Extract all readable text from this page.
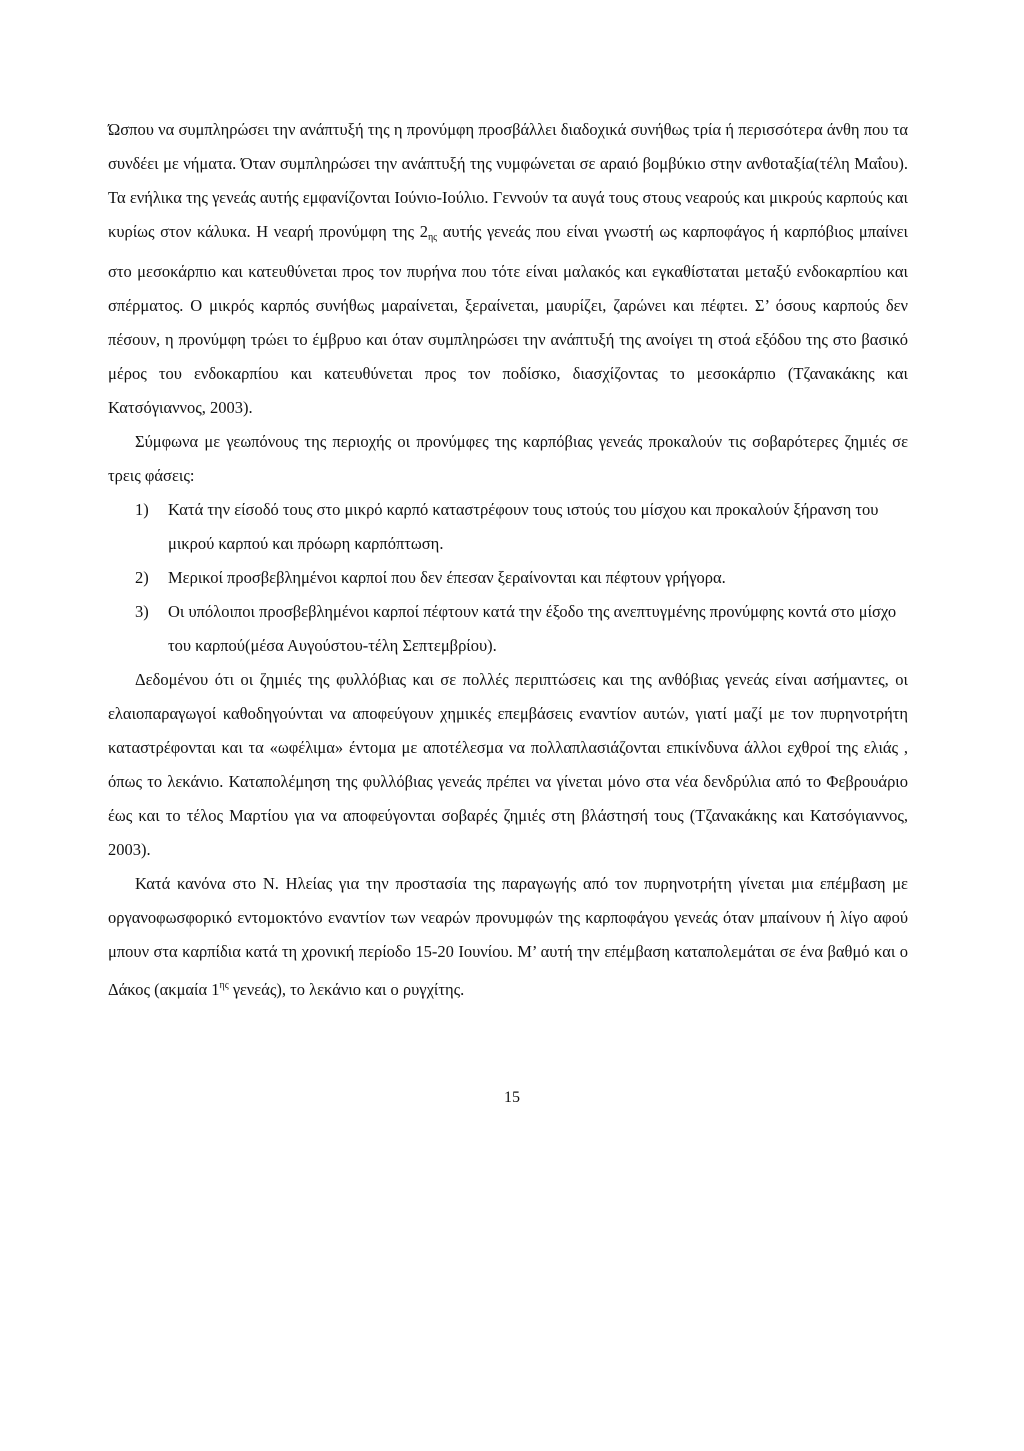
Ώσπου να συμπληρώσει την ανάπτυξή της η προνύμφη προσβάλλει διαδοχικά συνήθως τρία ή περισσότερα άνθη που τα συνδέει με νήματα. Όταν συμπληρώσει την ανάπτυξή της νυμφώνεται σε αραιό βομβύκιο στην ανθοταξία(τέλη Μαΐου). Τα ενήλικα της γενεάς αυτής εμφανίζονται Ιούνιο-Ιούλιο. Γεννούν τα αυγά τους στους νεαρούς και μικρούς καρπούς και κυρίως στον κάλυκα. Η νεαρή προνύμφη της $2_{\eta\varsigma}$ αυτής γενεάς που είναι γνωστή ως καρποφάγος ή καρπόβιος μπαίνει στο μεσοκάρπιο και κατευθύνεται προς τον πυρήνα που τότε είναι μαλακός και εγκαθίσταται μεταξύ ενδοκαρπίου και σπέρματος. Ο μικρός καρπός συνήθως μαραίνεται, ξεραίνεται, μαυρίζει, ζαρώνει και πέφτει. Σ’ όσους καρπούς δεν πέσουν, η προνύμφη τρώει το έμβρυο και όταν συμπληρώσει την ανάπτυξή της ανοίγει τη στοά εξόδου της στο βασικό μέρος του ενδοκαρπίου και κατευθύνεται προς τον ποδίσκο, διασχίζοντας το μεσοκάρπιο (Τζανακάκης και Κατσόγιαννος, 2003).

Σύμφωνα με γεωπόνους της περιοχής οι προνύμφες της καρπόβιας γενεάς προκαλούν τις σοβαρότερες ζημιές σε τρεις φάσεις:

1) Κατά την είσοδό τους στο μικρό καρπό καταστρέφουν τους ιστούς του μίσχου και προκαλούν ξήρανση του μικρού καρπού και πρόωρη καρπόπτωση.
2) Μερικοί προσβεβλημένοι καρποί που δεν έπεσαν ξεραίνονται και πέφτουν γρήγορα.
3) Οι υπόλοιποι προσβεβλημένοι καρποί πέφτουν κατά την έξοδο της ανεπτυγμένης προνύμφης κοντά στο μίσχο του καρπού(μέσα Αυγούστου-τέλη Σεπτεμβρίου).

Δεδομένου ότι οι ζημιές της φυλλόβιας και σε πολλές περιπτώσεις και της ανθόβιας γενεάς είναι ασήμαντες, οι ελαιοπαραγωγοί καθοδηγούνται να αποφεύγουν χημικές επεμβάσεις εναντίον αυτών, γιατί μαζί με τον πυρηνοτρήτη καταστρέφονται και τα «ωφέλιμα» έντομα με αποτέλεσμα να πολλαπλασιάζονται επικίνδυνα άλλοι εχθροί της ελιάς , όπως το λεκάνιο. Καταπολέμηση της φυλλόβιας γενεάς πρέπει να γίνεται μόνο στα νέα δενδρύλια από το Φεβρουάριο έως και το τέλος Μαρτίου για να αποφεύγονται σοβαρές ζημιές στη βλάστησή τους (Τζανακάκης και Κατσόγιαννος, 2003).

Κατά κανόνα στο Ν. Ηλείας για την προστασία της παραγωγής από τον πυρηνοτρήτη γίνεται μια επέμβαση με οργανοφωσφορικό εντομοκτόνο εναντίον των νεαρών προνυμφών της καρποφάγου γενεάς όταν μπαίνουν ή λίγο αφού μπουν στα καρπίδια κατά τη χρονική περίοδο 15-20 Ιουνίου. Μ’ αυτή την επέμβαση καταπολεμάται σε ένα βαθμό και ο Δάκος (ακμαία $1^{\eta\varsigma}$ γενεάς), το λεκάνιο και ο ρυγχίτης.

15
